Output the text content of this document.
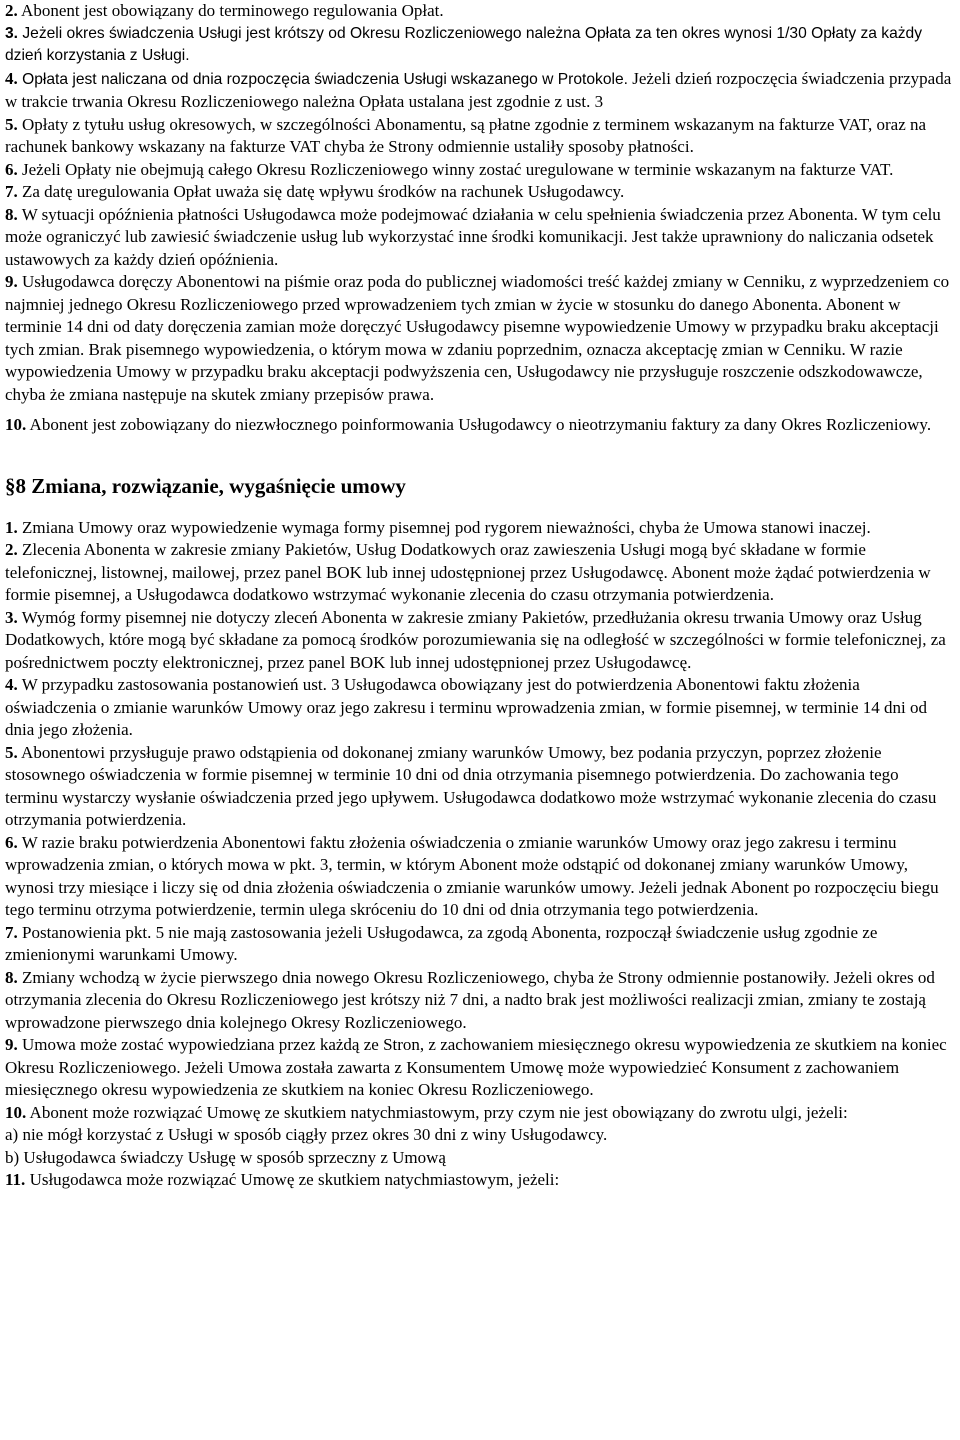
2. Abonent jest obowiązany do terminowego regulowania Opłat.

3. Jeżeli okres świadczenia Usługi jest krótszy od Okresu Rozliczeniowego należna Opłata za ten okres wynosi 1/30 Opłaty za każdy dzień korzystania z Usługi.

4. Opłata jest naliczana od dnia rozpoczęcia świadczenia Usługi wskazanego w Protokole. Jeżeli dzień rozpoczęcia świadczenia przypada w trakcie trwania Okresu Rozliczeniowego należna Opłata ustalana jest zgodnie z ust. 3

5. Opłaty z tytułu usług okresowych, w szczególności Abonamentu, są płatne zgodnie z terminem wskazanym na fakturze VAT, oraz na rachunek bankowy wskazany na fakturze VAT chyba że Strony odmiennie ustaliły sposoby płatności.

6. Jeżeli Opłaty nie obejmują całego Okresu Rozliczeniowego winny zostać uregulowane w terminie wskazanym na fakturze VAT.

7. Za datę uregulowania Opłat uważa się datę wpływu środków na rachunek Usługodawcy.

8. W sytuacji opóźnienia płatności Usługodawca może podejmować działania w celu spełnienia świadczenia przez Abonenta. W tym celu może ograniczyć lub zawiesić świadczenie usług lub wykorzystać inne środki komunikacji. Jest także uprawniony do naliczania odsetek ustawowych za każdy dzień opóźnienia.

9. Usługodawca doręczy Abonentowi na piśmie oraz poda do publicznej wiadomości treść każdej zmiany w Cenniku, z wyprzedzeniem co najmniej jednego Okresu Rozliczeniowego przed wprowadzeniem tych zmian w życie w stosunku do danego Abonenta. Abonent w terminie 14 dni od daty doręczenia zamian może doręczyć Usługodawcy pisemne wypowiedzenie Umowy w przypadku braku akceptacji tych zmian. Brak pisemnego wypowiedzenia, o którym mowa w zdaniu poprzednim, oznacza akceptację zmian w Cenniku. W razie wypowiedzenia Umowy w przypadku braku akceptacji podwyższenia cen, Usługodawcy nie przysługuje roszczenie odszkodowawcze, chyba że zmiana następuje na skutek zmiany przepisów prawa.

10. Abonent jest zobowiązany do niezwłocznego poinformowania Usługodawcy o nieotrzymaniu faktury za dany Okres Rozliczeniowy.

§8 Zmiana, rozwiązanie, wygaśnięcie umowy

1. Zmiana Umowy oraz wypowiedzenie wymaga formy pisemnej pod rygorem nieważności, chyba że Umowa stanowi inaczej.

2. Zlecenia Abonenta w zakresie zmiany Pakietów, Usług Dodatkowych oraz zawieszenia Usługi mogą być składane w formie telefonicznej, listownej, mailowej, przez panel BOK lub innej udostępnionej przez Usługodawcę. Abonent może żądać potwierdzenia w formie pisemnej, a Usługodawca dodatkowo wstrzymać wykonanie zlecenia do czasu otrzymania potwierdzenia.

3. Wymóg formy pisemnej nie dotyczy zleceń Abonenta w zakresie zmiany Pakietów, przedłużania okresu trwania Umowy oraz Usług Dodatkowych, które mogą być składane za pomocą środków porozumiewania się na odległość w szczególności w formie telefonicznej, za pośrednictwem poczty elektronicznej, przez panel BOK lub innej udostępnionej przez Usługodawcę.

4. W przypadku zastosowania postanowień ust. 3 Usługodawca obowiązany jest do potwierdzenia Abonentowi faktu złożenia oświadczenia o zmianie warunków Umowy oraz jego zakresu i terminu wprowadzenia zmian, w formie pisemnej, w terminie 14 dni od dnia jego złożenia.

5. Abonentowi przysługuje prawo odstąpienia od dokonanej zmiany warunków Umowy, bez podania przyczyn, poprzez złożenie stosownego oświadczenia w formie pisemnej w terminie 10 dni od dnia otrzymania pisemnego potwierdzenia. Do zachowania tego terminu wystarczy wysłanie oświadczenia przed jego upływem. Usługodawca dodatkowo może wstrzymać wykonanie zlecenia do czasu otrzymania potwierdzenia.

6. W razie braku potwierdzenia Abonentowi faktu złożenia oświadczenia o zmianie warunków Umowy oraz jego zakresu i terminu wprowadzenia zmian, o których mowa w pkt. 3, termin, w którym Abonent może odstąpić od dokonanej zmiany warunków Umowy, wynosi trzy miesiące i liczy się od dnia złożenia oświadczenia o zmianie warunków umowy. Jeżeli jednak Abonent po rozpoczęciu biegu tego terminu otrzyma potwierdzenie, termin ulega skróceniu do 10 dni od dnia otrzymania tego potwierdzenia.

7. Postanowienia pkt. 5 nie mają zastosowania jeżeli Usługodawca, za zgodą Abonenta, rozpoczął świadczenie usług zgodnie ze zmienionymi warunkami Umowy.

8. Zmiany wchodzą w życie pierwszego dnia nowego Okresu Rozliczeniowego, chyba że Strony odmiennie postanowiły. Jeżeli okres od otrzymania zlecenia do Okresu Rozliczeniowego jest krótszy niż 7 dni, a nadto brak jest możliwości realizacji zmian, zmiany te zostają wprowadzone pierwszego dnia kolejnego Okresy Rozliczeniowego.

9. Umowa może zostać wypowiedziana przez każdą ze Stron, z zachowaniem miesięcznego okresu wypowiedzenia ze skutkiem na koniec Okresu Rozliczeniowego. Jeżeli Umowa została zawarta z Konsumentem Umowę może wypowiedzieć Konsument z zachowaniem miesięcznego okresu wypowiedzenia ze skutkiem na koniec Okresu Rozliczeniowego.

10. Abonent może rozwiązać Umowę ze skutkiem natychmiastowym, przy czym nie jest obowiązany do zwrotu ulgi, jeżeli:

a) nie mógł korzystać z Usługi w sposób ciągły przez okres 30 dni z winy Usługodawcy.

b) Usługodawca świadczy Usługę w sposób sprzeczny z Umową

11. Usługodawca może rozwiązać Umowę ze skutkiem natychmiastowym, jeżeli:
